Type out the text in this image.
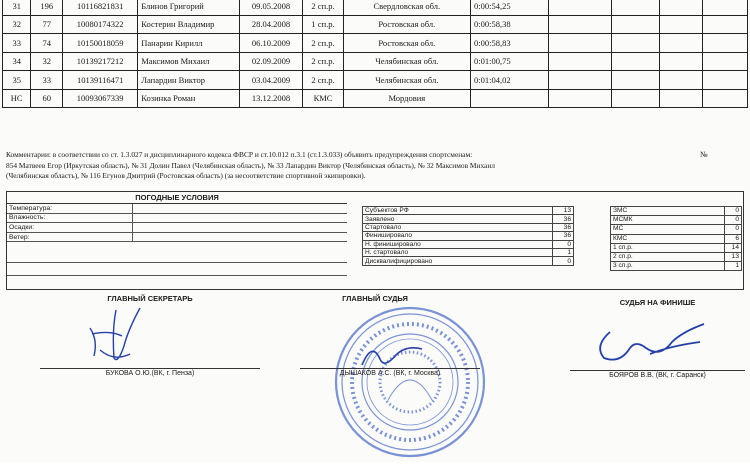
31	196	10116821831	Блинов Григорий	09.05.2008	2 сп.р.	Свердловская обл.	0:00:54,25				
32	77	10080174322	Костерин Владимир	28.04.2008	1 сп.р.	Ростовская обл.	0:00:58,38				
33	74	10150018059	Панарин Кирилл	06.10.2009	2 сп.р.	Ростовская обл.	0:00:58,83				
34	32	10139217212	Максимов Михаил	02.09.2009	2 сп.р.	Челябинская обл.	0:01:00,75				
35	33	10139116471	Лапардин Виктор	03.04.2009	2 сп.р.	Челябинская обл.	0:01:04,02				
НС	60	10093067339	Козинка Роман	13.12.2008	КМС	Мордовия					

Комментарии: в соответствии со ст. 1.3.027 и дисциплинарного кодекса ФВСР и ст.10.012 п.3.1 (ст.1.3.033) объявить предупреждения спортсменам:

854 Матвеев Егор (Иркутская область), № 31 Долин Павел (Челябинская область), № 33 Лапардин Виктор (Челябинская область), № 32 Максимов Михаил

(Челябинская область), № 116 Егунов Дмитрий (Ростовская область) (за несоответствие спортивной экипировки).

№
ПОГОДНЫЕ УСЛОВИЯ
Температура:	
Влажность:	
Осадки:	
Ветер:	
Субъектов РФ	13
Заявлено	36
Стартовало	36
Финишировало	36
Н. финишировало	0
Н. стартовало	1
Дисквалифицировано	0
ЗМС	0
МСМК	0
МС	0
КМС	6
1 сп.р.	14
2 сп.р.	13
3 сп.р.	1
ГЛАВНЫЙ СЕКРЕТАРЬ	ГЛАВНЫЙ СУДЬЯ	СУДЬЯ НА ФИНИШЕ
БУКОВА О.Ю.(ВК, г. Пенза)	ДЫШАКОВ А.С. (ВК, г. Москва)	БОЯРОВ В.В. (ВК, г. Саранск)
